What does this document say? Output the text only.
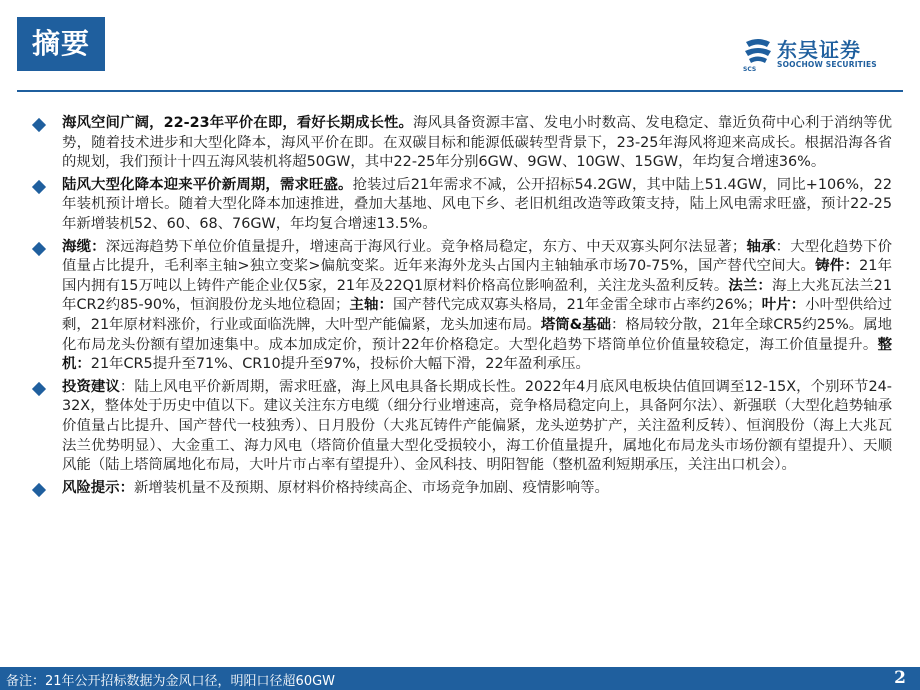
摘要	东吴证券
SOOCHOW SECURITIES
SCS
海风空间广阔，22-23年平价在即，看好长期成长性。海风具备资源丰富、发电小时数高、发电稳定、靠近负荷中心利于消纳等优势，随着技术进步和大型化降本，海风平价在即。在双碳目标和能源低碳转型背景下，23-25年海风将迎来高成长。根据沿海各省的规划，我们预计十四五海风装机将超50GW，其中22-25年分别6GW、9GW、10GW、15GW，年均复合增速36%。
陆风大型化降本迎来平价新周期，需求旺盛。抢装过后21年需求不减，公开招标54.2GW，其中陆上51.4GW，同比+106%，22年装机预计增长。随着大型化降本加速推进，叠加大基地、风电下乡、老旧机组改造等政策支持，陆上风电需求旺盛，预计22-25年新增装机52、60、68、76GW，年均复合增速13.5%。
海缆：深远海趋势下单位价值量提升，增速高于海风行业。竞争格局稳定，东方、中天双寡头阿尔法显著；轴承：大型化趋势下价值量占比提升，毛利率主轴>独立变桨>偏航变桨。近年来海外龙头占国内主轴轴承市场70-75%，国产替代空间大。铸件：21年国内拥有15万吨以上铸件产能企业仅5家，21年及22Q1原材料价格高位影响盈利，关注龙头盈利反转。法兰：海上大兆瓦法兰21年CR2约85-90%，恒润股份龙头地位稳固；主轴：国产替代完成双寡头格局，21年金雷全球市占率约26%；叶片：小叶型供给过剩，21年原材料涨价，行业或面临洗牌，大叶型产能偏紧，龙头加速布局。塔筒&基础：格局较分散，21年全球CR5约25%。属地化布局龙头份额有望加速集中。成本加成定价，预计22年价格稳定。大型化趋势下塔筒单位价值量较稳定，海工价值量提升。整机：21年CR5提升至71%、CR10提升至97%，投标价大幅下滑，22年盈利承压。
投资建议：陆上风电平价新周期，需求旺盛，海上风电具备长期成长性。2022年4月底风电板块估值回调至12-15X，个别环节24-32X，整体处于历史中值以下。建议关注东方电缆（细分行业增速高，竞争格局稳定向上，具备阿尔法）、新强联（大型化趋势轴承价值量占比提升、国产替代一枝独秀）、日月股份（大兆瓦铸件产能偏紧，龙头逆势扩产，关注盈利反转）、恒润股份（海上大兆瓦法兰优势明显）、大金重工、海力风电（塔筒价值量大型化受损较小，海工价值量提升，属地化布局龙头市场份额有望提升）、天顺风能（陆上塔筒属地化布局，大叶片市占率有望提升）、金风科技、明阳智能（整机盈利短期承压，关注出口机会）。
风险提示：新增装机量不及预期、原材料价格持续高企、市场竞争加剧、疫情影响等。
备注：21年公开招标数据为金风口径，明阳口径超60GW	2
